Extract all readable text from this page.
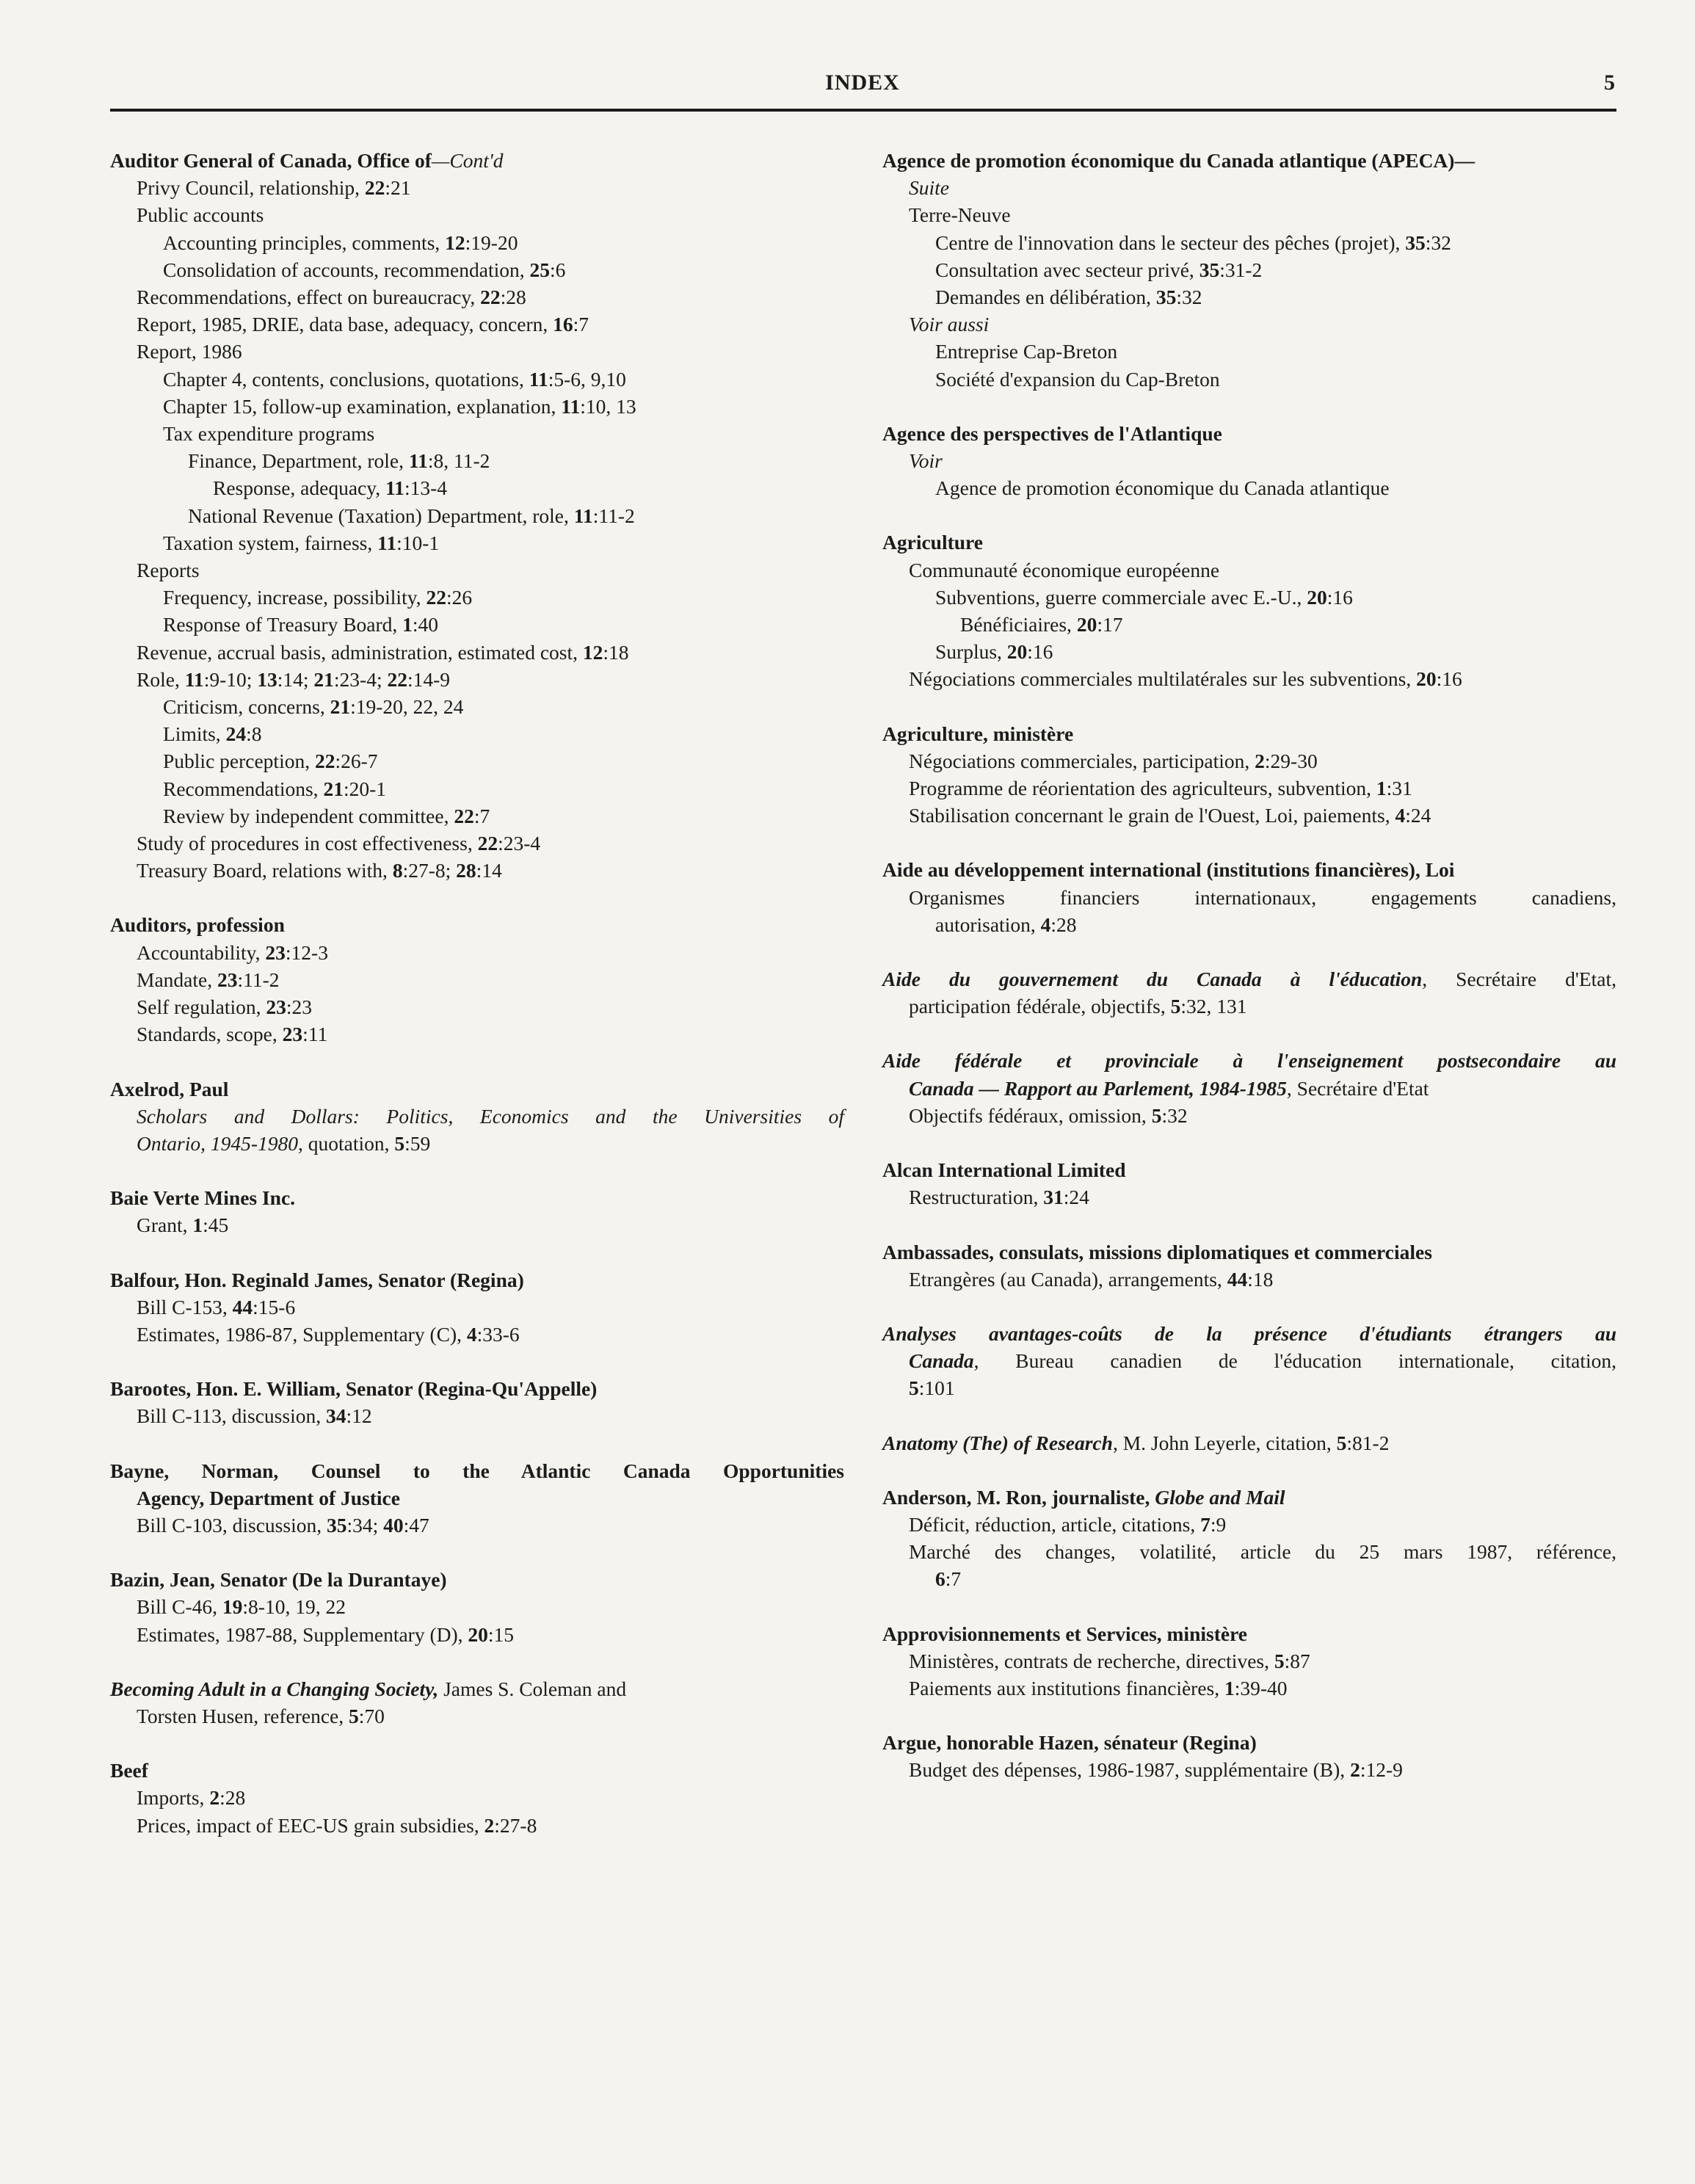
INDEX	5
Auditor General of Canada, Office of—Cont'd
Privy Council, relationship, 22:21
Public accounts
Accounting principles, comments, 12:19-20
Consolidation of accounts, recommendation, 25:6
Recommendations, effect on bureaucracy, 22:28
Report, 1985, DRIE, data base, adequacy, concern, 16:7
Report, 1986
Chapter 4, contents, conclusions, quotations, 11:5-6, 9,10
Chapter 15, follow-up examination, explanation, 11:10, 13
Tax expenditure programs
Finance, Department, role, 11:8, 11-2
Response, adequacy, 11:13-4
National Revenue (Taxation) Department, role, 11:11-2
Taxation system, fairness, 11:10-1
Reports
Frequency, increase, possibility, 22:26
Response of Treasury Board, 1:40
Revenue, accrual basis, administration, estimated cost, 12:18
Role, 11:9-10; 13:14; 21:23-4; 22:14-9
Criticism, concerns, 21:19-20, 22, 24
Limits, 24:8
Public perception, 22:26-7
Recommendations, 21:20-1
Review by independent committee, 22:7
Study of procedures in cost effectiveness, 22:23-4
Treasury Board, relations with, 8:27-8; 28:14
Auditors, profession
Accountability, 23:12-3
Mandate, 23:11-2
Self regulation, 23:23
Standards, scope, 23:11
Axelrod, Paul
Scholars and Dollars: Politics, Economics and the Universities of
Ontario, 1945-1980, quotation, 5:59
Baie Verte Mines Inc.
Grant, 1:45
Balfour, Hon. Reginald James, Senator (Regina)
Bill C-153, 44:15-6
Estimates, 1986-87, Supplementary (C), 4:33-6
Barootes, Hon. E. William, Senator (Regina-Qu'Appelle)
Bill C-113, discussion, 34:12
Bayne, Norman, Counsel to the Atlantic Canada Opportunities
Agency, Department of Justice
Bill C-103, discussion, 35:34; 40:47
Bazin, Jean, Senator (De la Durantaye)
Bill C-46, 19:8-10, 19, 22
Estimates, 1987-88, Supplementary (D), 20:15
Becoming Adult in a Changing Society, James S. Coleman and
Torsten Husen, reference, 5:70
Beef
Imports, 2:28
Prices, impact of EEC-US grain subsidies, 2:27-8
Agence de promotion économique du Canada atlantique (APECA)—
Suite
Terre-Neuve
Centre de l'innovation dans le secteur des pêches (projet), 35:32
Consultation avec secteur privé, 35:31-2
Demandes en délibération, 35:32
Voir aussi
Entreprise Cap-Breton
Société d'expansion du Cap-Breton
Agence des perspectives de l'Atlantique
Voir
Agence de promotion économique du Canada atlantique
Agriculture
Communauté économique européenne
Subventions, guerre commerciale avec E.-U., 20:16
Bénéficiaires, 20:17
Surplus, 20:16
Négociations commerciales multilatérales sur les subventions, 20:16
Agriculture, ministère
Négociations commerciales, participation, 2:29-30
Programme de réorientation des agriculteurs, subvention, 1:31
Stabilisation concernant le grain de l'Ouest, Loi, paiements, 4:24
Aide au développement international (institutions financières), Loi
Organismes financiers internationaux, engagements canadiens,
autorisation, 4:28
Aide du gouvernement du Canada à l'éducation, Secrétaire d'Etat,
participation fédérale, objectifs, 5:32, 131
Aide fédérale et provinciale à l'enseignement postsecondaire au
Canada — Rapport au Parlement, 1984-1985, Secrétaire d'Etat
Objectifs fédéraux, omission, 5:32
Alcan International Limited
Restructuration, 31:24
Ambassades, consulats, missions diplomatiques et commerciales
Etrangères (au Canada), arrangements, 44:18
Analyses avantages-coûts de la présence d'étudiants étrangers au
Canada, Bureau canadien de l'éducation internationale, citation,
5:101
Anatomy (The) of Research, M. John Leyerle, citation, 5:81-2
Anderson, M. Ron, journaliste, Globe and Mail
Déficit, réduction, article, citations, 7:9
Marché des changes, volatilité, article du 25 mars 1987, référence,
6:7
Approvisionnements et Services, ministère
Ministères, contrats de recherche, directives, 5:87
Paiements aux institutions financières, 1:39-40
Argue, honorable Hazen, sénateur (Regina)
Budget des dépenses, 1986-1987, supplémentaire (B), 2:12-9
